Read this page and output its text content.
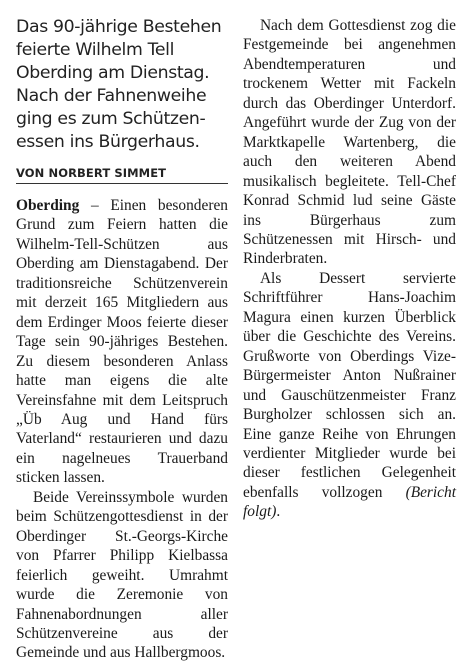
Das 90-jährige Bestehen
feierte Wilhelm Tell
Oberding am Dienstag.
Nach der Fahnenweihe
ging es zum Schützen-
essen ins Bürgerhaus.
VON NORBERT SIMMET

Oberding – Einen besonderen Grund zum Feiern hatten die Wilhelm-Tell-Schützen aus Oberding am Dienstagabend. Der traditionsreiche Schützenverein mit derzeit 165 Mitgliedern aus dem Erdinger Moos feierte dieser Tage sein 90-jähriges Bestehen. Zu diesem besonderen Anlass hatte man eigens die alte Vereinsfahne mit dem Leitspruch „Üb Aug und Hand fürs Vaterland“ restaurieren und dazu ein nagelneues Trauerband sticken lassen.

Beide Vereinssymbole wurden beim Schützengottesdienst in der Oberdinger St.-Georgs-Kirche von Pfarrer Philipp Kielbassa feierlich geweiht. Umrahmt wurde die Zeremonie von Fahnenabordnungen aller Schützenvereine aus der Gemeinde und aus Hallbergmoos.

Nach dem Gottesdienst zog die Festgemeinde bei angenehmen Abendtemperaturen und trockenem Wetter mit Fackeln durch das Oberdinger Unterdorf. Angeführt wurde der Zug von der Marktkapelle Wartenberg, die auch den weiteren Abend musikalisch begleitete. Tell-Chef Konrad Schmid lud seine Gäste ins Bürgerhaus zum Schützenessen mit Hirsch- und Rinderbraten.

Als Dessert servierte Schriftführer Hans-Joachim Magura einen kurzen Überblick über die Geschichte des Vereins. Grußworte von Oberdings Vize-Bürgermeister Anton Nußrainer und Gauschützenmeister Franz Burgholzer schlossen sich an. Eine ganze Reihe von Ehrungen verdienter Mitglieder wurde bei dieser festlichen Gelegenheit ebenfalls vollzogen (Bericht folgt).
